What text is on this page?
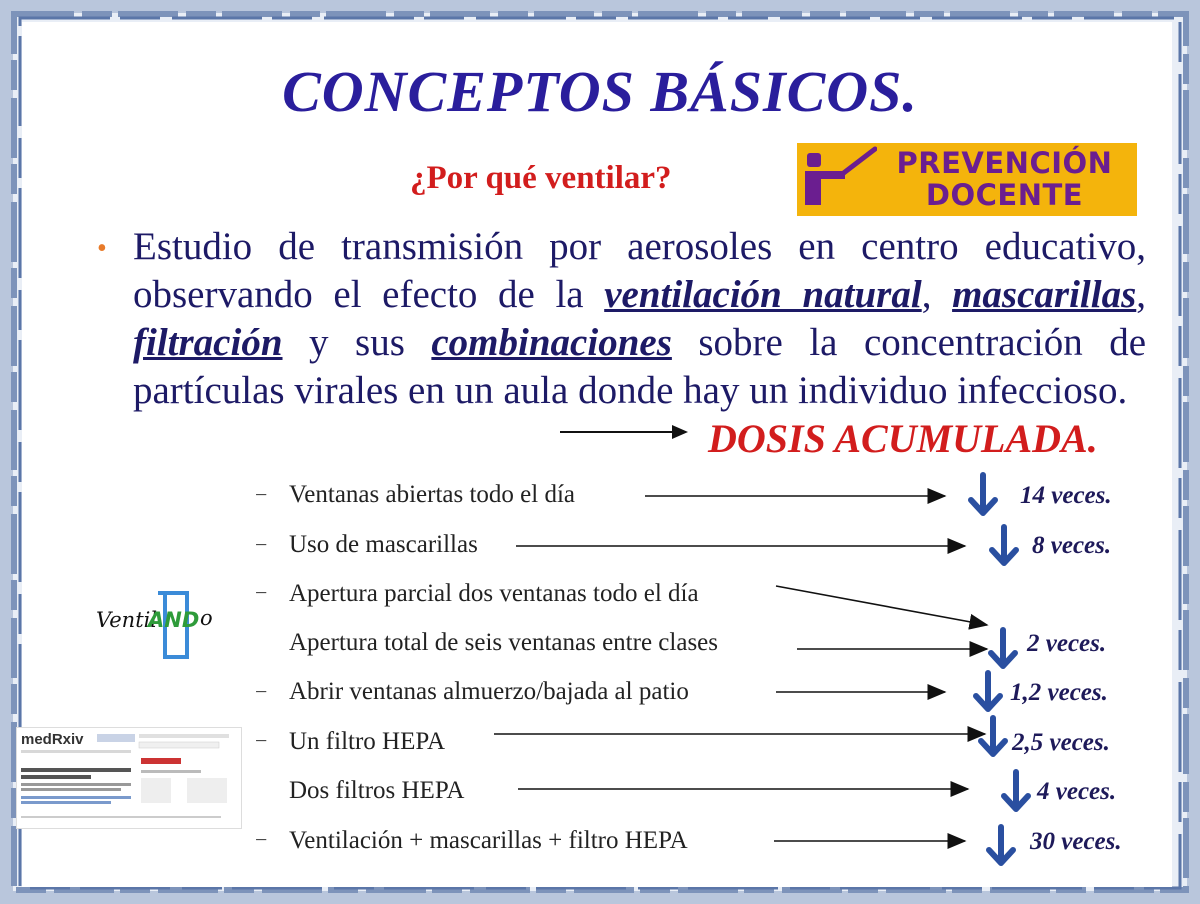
CONCEPTOS BÁSICOS.
¿Por qué ventilar?	PREVENCIÓN
DOCENTE
• Estudio de transmisión por aerosoles en centro educativo, observando el efecto de la ventilación natural, mascarillas, filtración y sus combinaciones sobre la concentración de partículas virales en un aula donde hay un individuo infeccioso.
DOSIS ACUMULADA.
− Ventanas abiertas todo el día	14 veces.
− Uso de mascarillas	8 veces.
− Apertura parcial dos ventanas todo el día
Apertura total de seis ventanas entre clases	2 veces.
− Abrir ventanas almuerzo/bajada al patio	1,2 veces.
− Un filtro HEPA	2,5 veces.
Dos filtros HEPA	4 veces.
− Ventilación + mascarillas + filtro HEPA	30 veces.
Ventil
AND o
medRxiv
